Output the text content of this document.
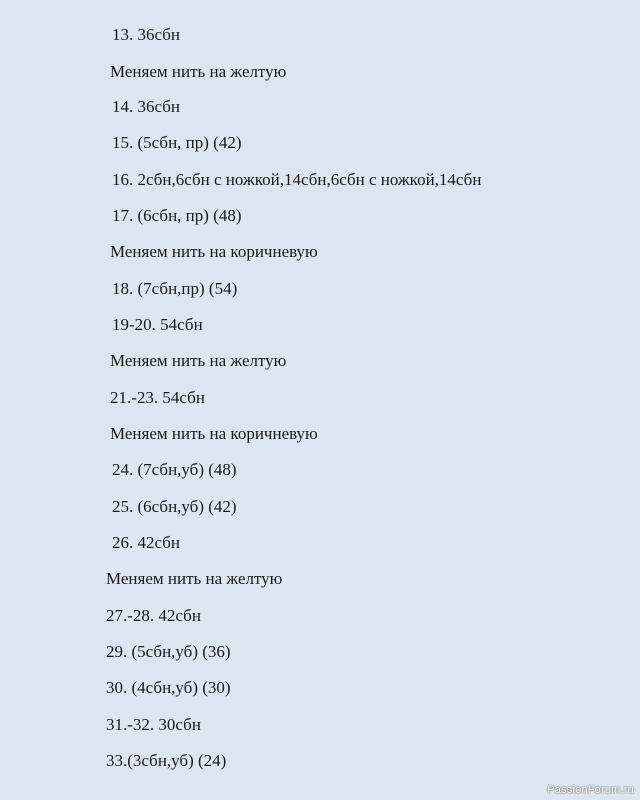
13. 36сбн
Меняем нить на желтую
14. 36сбн
15. (5сбн, пр) (42)
16. 2сбн,6сбн с ножкой,14сбн,6сбн с ножкой,14сбн
17. (6сбн, пр) (48)
Меняем нить на коричневую
18. (7сбн,пр) (54)
19-20. 54сбн
Меняем нить на желтую
21.-23. 54сбн
Меняем нить на коричневую
24. (7сбн,уб) (48)
25. (6сбн,уб) (42)
26. 42сбн
Меняем нить на желтую
27.-28. 42сбн
29. (5сбн,уб) (36)
30. (4сбн,уб) (30)
31.-32. 30сбн
33.(3сбн,уб) (24)
PassionForum.ru
